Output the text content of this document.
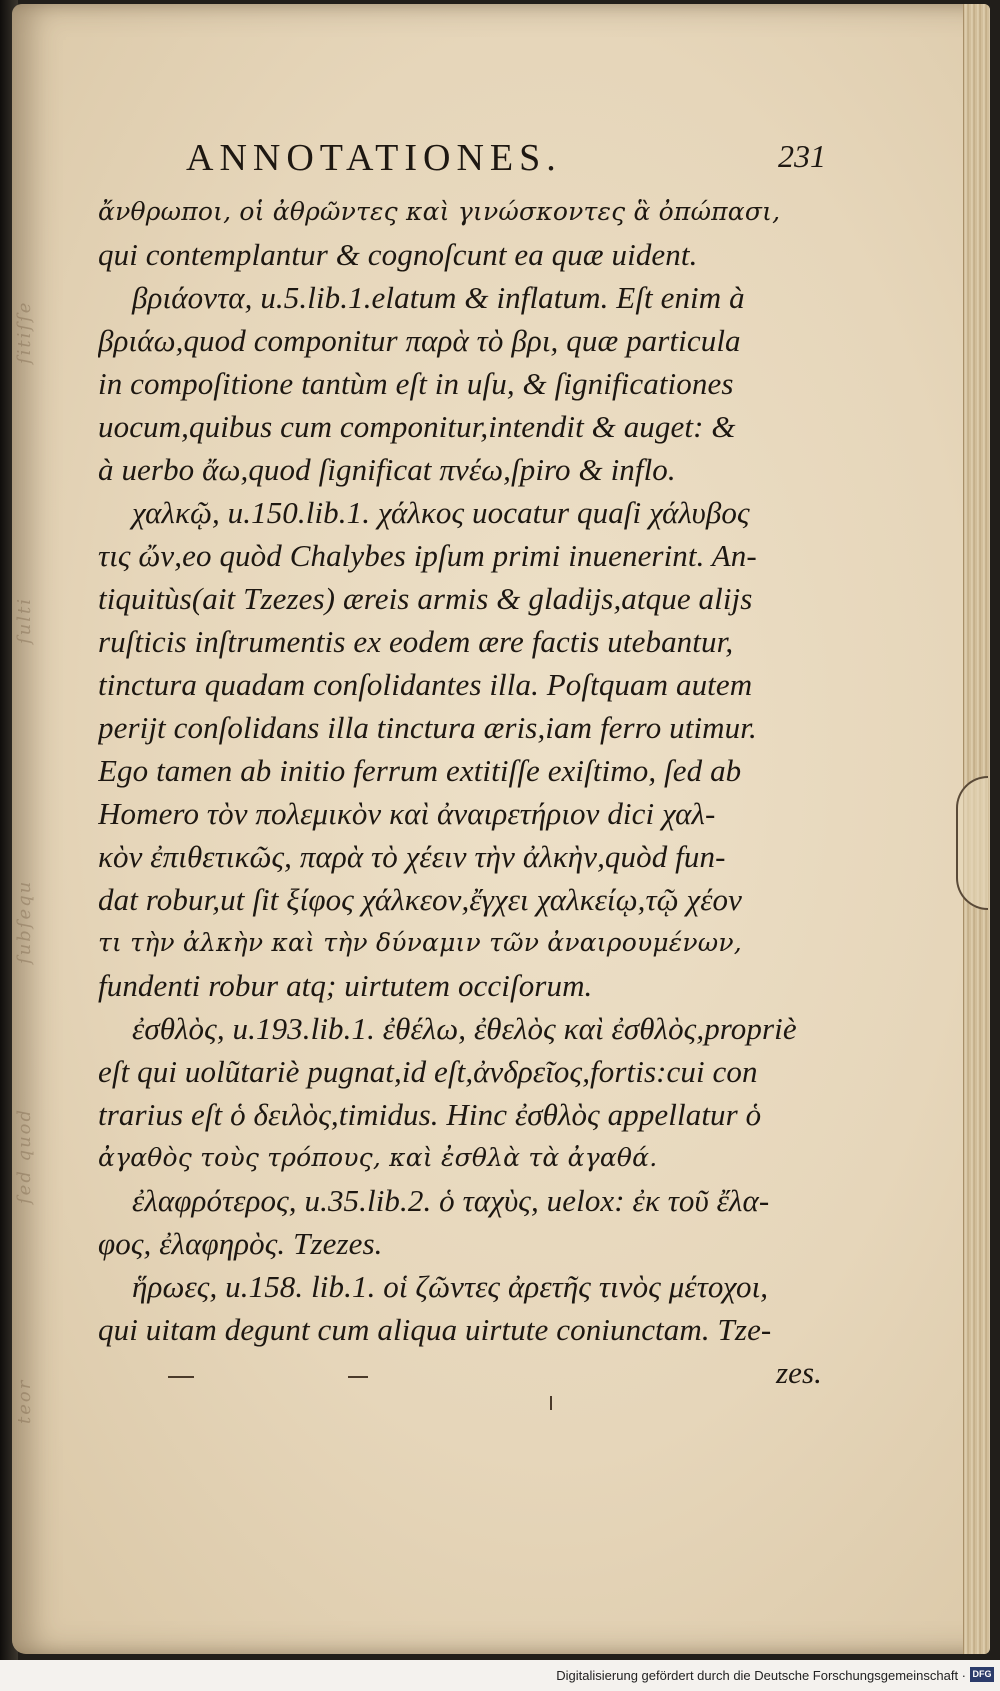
ſitiſſe
ſulti
ſubſequ
ſed quod
teor
ANNOTATIONES.	231
ἄνθρωποι, οἱ ἀθρῶντες καὶ γινώσκοντες ἃ ὀπώπασι,
qui contemplantur & cognoſcunt ea quæ uident.
βριάοντα, u.5.lib.1.elatum & inflatum. Eſt enim à
βριάω,quod componitur παρὰ τὸ βρι, quæ particula
in compoſitione tantùm eſt in uſu, & ſignificationes
uocum,quibus cum componitur,intendit & auget: &
à uerbo ἄω,quod ſignificat πνέω,ſpiro & inflo.
χαλκῷ, u.150.lib.1. χάλκος uocatur quaſi χάλυβος
τις ὤν,eo quòd Chalybes ipſum primi inuenerint. An-
tiquitùs(ait Tzezes) æreis armis & gladijs,atque alijs
ruſticis inſtrumentis ex eodem ære factis utebantur,
tinctura quadam conſolidantes illa. Poſtquam autem
perijt conſolidans illa tinctura æris,iam ferro utimur.
Ego tamen ab initio ferrum extitiſſe exiſtimo, ſed ab
Homero τὸν πολεμικὸν καὶ ἀναιρετήριον dici χαλ-
κὸν ἐπιθετικῶς, παρὰ τὸ χέειν τὴν ἀλκὴν,quòd fun-
dat robur,ut ſit ξίφος χάλκεον,ἔγχει χαλκείῳ,τῷ χέον
τι τὴν ἀλκὴν καὶ τὴν δύναμιν τῶν ἀναιρουμένων,
fundenti robur atq; uirtutem occiſorum.
ἐσθλὸς, u.193.lib.1. ἐθέλω, ἐθελὸς καὶ ἐσθλὸς,propriè
eſt qui uolũtariè pugnat,id eſt,ἀνδρεῖος,fortis:cui con
trarius eſt ὁ δειλὸς,timidus. Hinc ἐσθλὸς appellatur ὁ
ἀγαθὸς τοὺς τρόπους, καὶ ἐσθλὰ τὰ ἀγαθά.
ἐλαφρότερος, u.35.lib.2. ὁ ταχὺς, uelox: ἐκ τοῦ ἔλα-
φος, ἐλαφηρὸς. Tzezes.
ἥρωες, u.158. lib.1. οἱ ζῶντες ἀρετῆς τινὸς μέτοχοι,
qui uitam degunt cum aliqua uirtute coniunctam. Tze-
zes.
Digitalisierung gefördert durch die Deutsche Forschungsgemeinschaft · DFG
